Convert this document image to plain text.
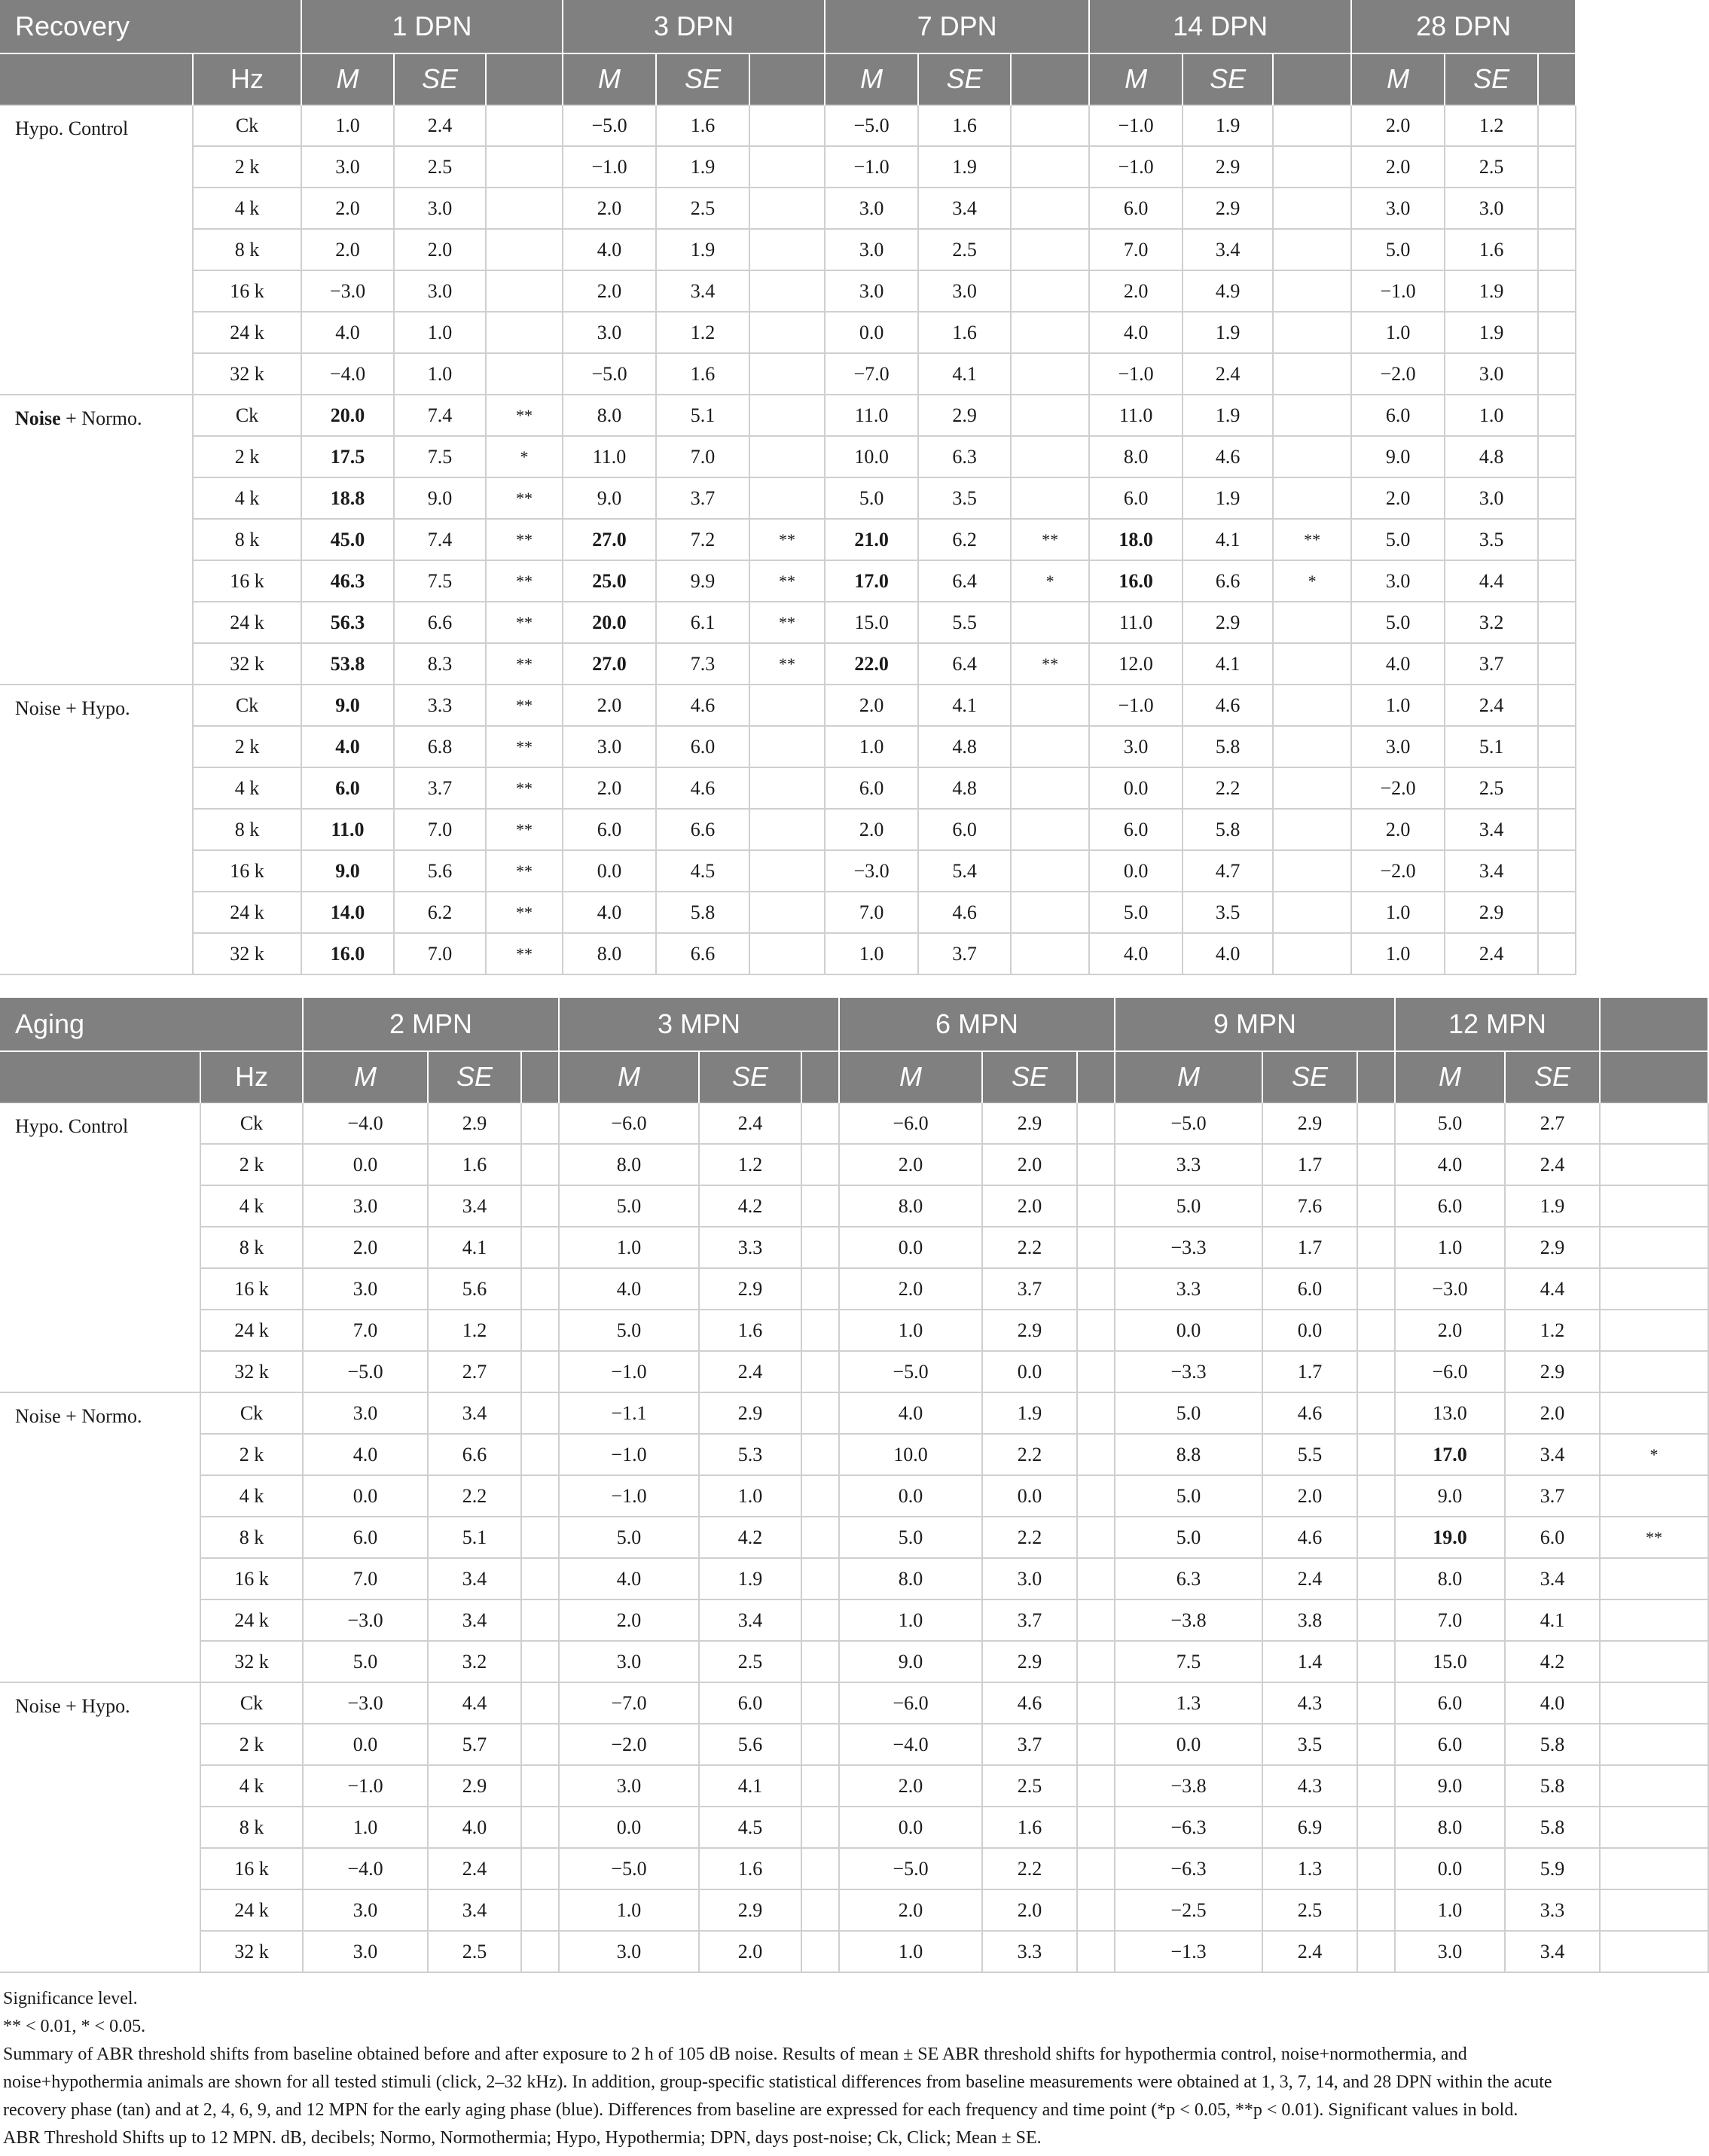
Recovery		1 DPN			3 DPN			7 DPN			14 DPN			28 DPN		
	Hz	M	SE		M	SE		M	SE		M	SE		M	SE	
Hypo. Control	Ck	1.0	2.4		−5.0	1.6		−5.0	1.6		−1.0	1.9		2.0	1.2	
	2 k	3.0	2.5		−1.0	1.9		−1.0	1.9		−1.0	2.9		2.0	2.5	
	4 k	2.0	3.0		2.0	2.5		3.0	3.4		6.0	2.9		3.0	3.0	
	8 k	2.0	2.0		4.0	1.9		3.0	2.5		7.0	3.4		5.0	1.6	
	16 k	−3.0	3.0		2.0	3.4		3.0	3.0		2.0	4.9		−1.0	1.9	
	24 k	4.0	1.0		3.0	1.2		0.0	1.6		4.0	1.9		1.0	1.9	
	32 k	−4.0	1.0		−5.0	1.6		−7.0	4.1		−1.0	2.4		−2.0	3.0	
Noise + Normo.	Ck	20.0	7.4	**	8.0	5.1		11.0	2.9		11.0	1.9		6.0	1.0	
	2 k	17.5	7.5	*	11.0	7.0		10.0	6.3		8.0	4.6		9.0	4.8	
	4 k	18.8	9.0	**	9.0	3.7		5.0	3.5		6.0	1.9		2.0	3.0	
	8 k	45.0	7.4	**	27.0	7.2	**	21.0	6.2	**	18.0	4.1	**	5.0	3.5	
	16 k	46.3	7.5	**	25.0	9.9	**	17.0	6.4	*	16.0	6.6	*	3.0	4.4	
	24 k	56.3	6.6	**	20.0	6.1	**	15.0	5.5		11.0	2.9		5.0	3.2	
	32 k	53.8	8.3	**	27.0	7.3	**	22.0	6.4	**	12.0	4.1		4.0	3.7	
Noise + Hypo.	Ck	9.0	3.3	**	2.0	4.6		2.0	4.1		−1.0	4.6		1.0	2.4	
	2 k	4.0	6.8	**	3.0	6.0		1.0	4.8		3.0	5.8		3.0	5.1	
	4 k	6.0	3.7	**	2.0	4.6		6.0	4.8		0.0	2.2		−2.0	2.5	
	8 k	11.0	7.0	**	6.0	6.6		2.0	6.0		6.0	5.8		2.0	3.4	
	16 k	9.0	5.6	**	0.0	4.5		−3.0	5.4		0.0	4.7		−2.0	3.4	
	24 k	14.0	6.2	**	4.0	5.8		7.0	4.6		5.0	3.5		1.0	2.9	
	32 k	16.0	7.0	**	8.0	6.6		1.0	3.7		4.0	4.0		1.0	2.4	
Aging		2 MPN			3 MPN			6 MPN			9 MPN			12 MPN		
	Hz	M	SE		M	SE		M	SE		M	SE		M	SE	
Hypo. Control	Ck	−4.0	2.9		−6.0	2.4		−6.0	2.9		−5.0	2.9		5.0	2.7	
	2 k	0.0	1.6		8.0	1.2		2.0	2.0		3.3	1.7		4.0	2.4	
	4 k	3.0	3.4		5.0	4.2		8.0	2.0		5.0	7.6		6.0	1.9	
	8 k	2.0	4.1		1.0	3.3		0.0	2.2		−3.3	1.7		1.0	2.9	
	16 k	3.0	5.6		4.0	2.9		2.0	3.7		3.3	6.0		−3.0	4.4	
	24 k	7.0	1.2		5.0	1.6		1.0	2.9		0.0	0.0		2.0	1.2	
	32 k	−5.0	2.7		−1.0	2.4		−5.0	0.0		−3.3	1.7		−6.0	2.9	
Noise + Normo.	Ck	3.0	3.4		−1.1	2.9		4.0	1.9		5.0	4.6		13.0	2.0	
	2 k	4.0	6.6		−1.0	5.3		10.0	2.2		8.8	5.5		17.0	3.4	*
	4 k	0.0	2.2		−1.0	1.0		0.0	0.0		5.0	2.0		9.0	3.7	
	8 k	6.0	5.1		5.0	4.2		5.0	2.2		5.0	4.6		19.0	6.0	**
	16 k	7.0	3.4		4.0	1.9		8.0	3.0		6.3	2.4		8.0	3.4	
	24 k	−3.0	3.4		2.0	3.4		1.0	3.7		−3.8	3.8		7.0	4.1	
	32 k	5.0	3.2		3.0	2.5		9.0	2.9		7.5	1.4		15.0	4.2	
Noise + Hypo.	Ck	−3.0	4.4		−7.0	6.0		−6.0	4.6		1.3	4.3		6.0	4.0	
	2 k	0.0	5.7		−2.0	5.6		−4.0	3.7		0.0	3.5		6.0	5.8	
	4 k	−1.0	2.9		3.0	4.1		2.0	2.5		−3.8	4.3		9.0	5.8	
	8 k	1.0	4.0		0.0	4.5		0.0	1.6		−6.3	6.9		8.0	5.8	
	16 k	−4.0	2.4		−5.0	1.6		−5.0	2.2		−6.3	1.3		0.0	5.9	
	24 k	3.0	3.4		1.0	2.9		2.0	2.0		−2.5	2.5		1.0	3.3	
	32 k	3.0	2.5		3.0	2.0		1.0	3.3		−1.3	2.4		3.0	3.4	

Significance level.

** < 0.01, * < 0.05.

Summary of ABR threshold shifts from baseline obtained before and after exposure to 2 h of 105 dB noise. Results of mean ± SE ABR threshold shifts for hypothermia control, noise+normothermia, and noise+hypothermia animals are shown for all tested stimuli (click, 2–32 kHz). In addition, group-specific statistical differences from baseline measurements were obtained at 1, 3, 7, 14, and 28 DPN within the acute recovery phase (tan) and at 2, 4, 6, 9, and 12 MPN for the early aging phase (blue). Differences from baseline are expressed for each frequency and time point (*p < 0.05, **p < 0.01). Significant values in bold. ABR Threshold Shifts up to 12 MPN. dB, decibels; Normo, Normothermia; Hypo, Hypothermia; DPN, days post-noise; Ck, Click; Mean ± SE.
